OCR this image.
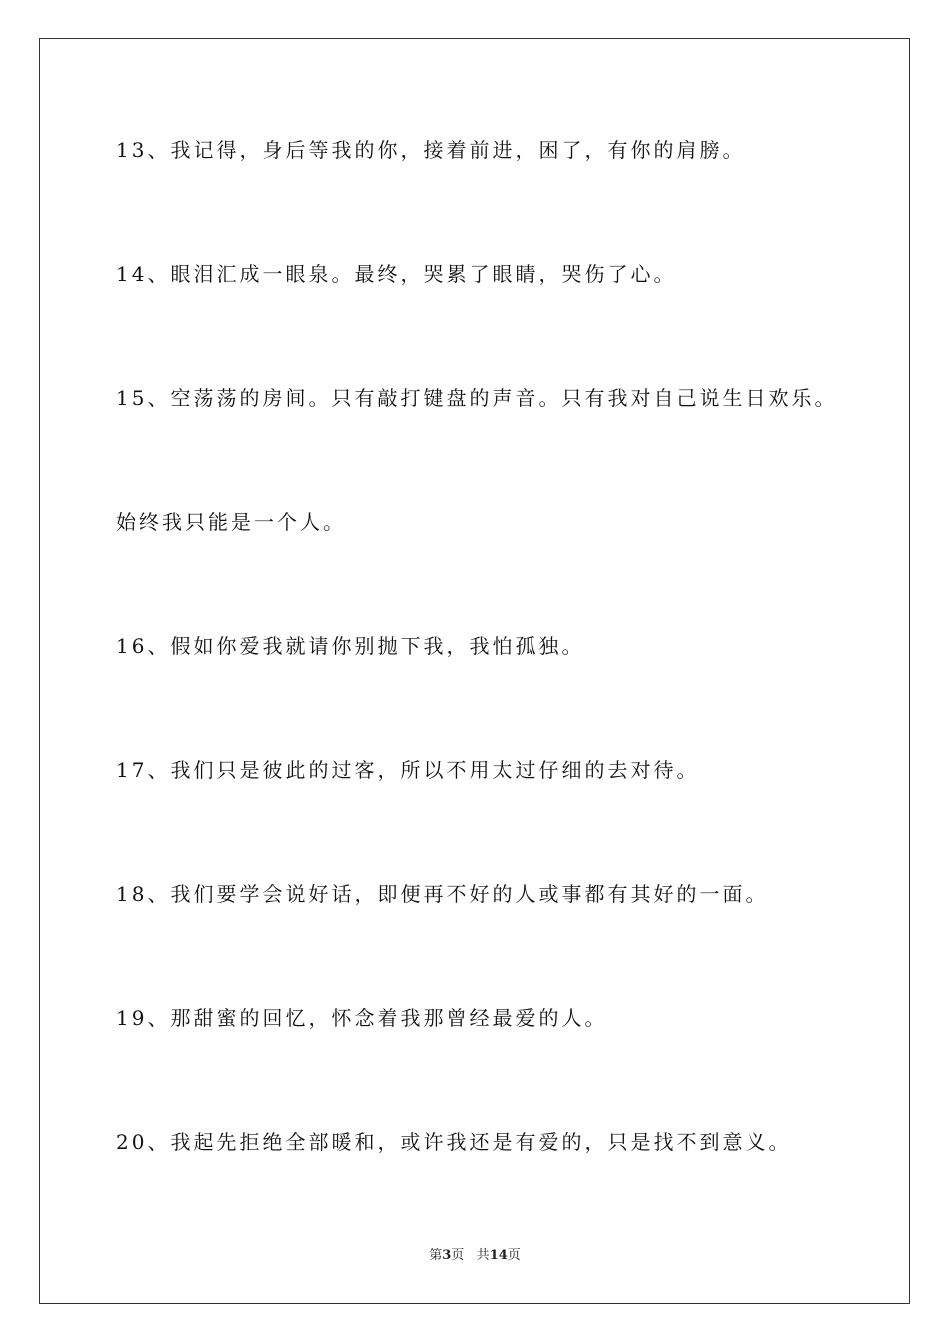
13、我记得，身后等我的你，接着前进，困了，有你的肩膀。
14、眼泪汇成一眼泉。最终，哭累了眼睛，哭伤了心。
15、空荡荡的房间。只有敲打键盘的声音。只有我对自己说生日欢乐。
始终我只能是一个人。
16、假如你爱我就请你别抛下我，我怕孤独。
17、我们只是彼此的过客，所以不用太过仔细的去对待。
18、我们要学会说好话，即便再不好的人或事都有其好的一面。
19、那甜蜜的回忆，怀念着我那曾经最爱的人。
20、我起先拒绝全部暖和，或许我还是有爱的，只是找不到意义。
第3页 共14页
